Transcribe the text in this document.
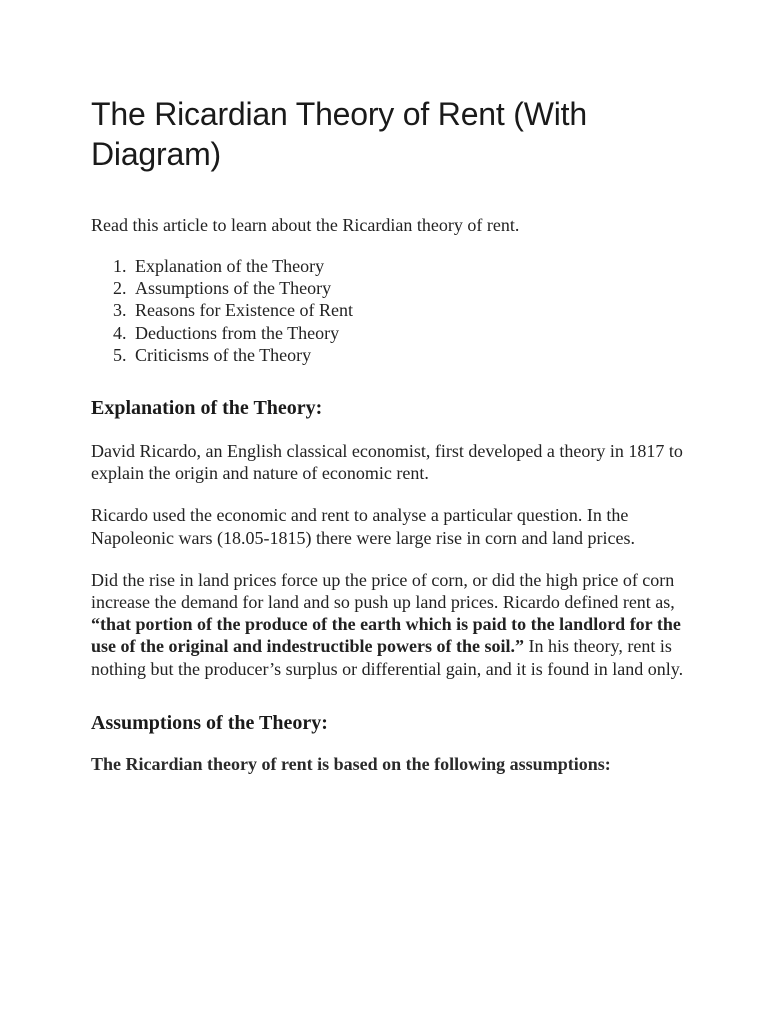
The Ricardian Theory of Rent (With Diagram)

Read this article to learn about the Ricardian theory of rent.

1. Explanation of the Theory
2. Assumptions of the Theory
3. Reasons for Existence of Rent
4. Deductions from the Theory
5. Criticisms of the Theory
Explanation of the Theory:

David Ricardo, an English classical economist, first developed a theory in 1817 to explain the origin and nature of economic rent.

Ricardo used the economic and rent to analyse a particular question. In the Napoleonic wars (18.05-1815) there were large rise in corn and land prices.

Did the rise in land prices force up the price of corn, or did the high price of corn increase the demand for land and so push up land prices. Ricardo defined rent as, “that portion of the produce of the earth which is paid to the landlord for the use of the original and indestructible powers of the soil.” In his theory, rent is nothing but the producer’s surplus or differential gain, and it is found in land only.

Assumptions of the Theory:

The Ricardian theory of rent is based on the following assumptions:
